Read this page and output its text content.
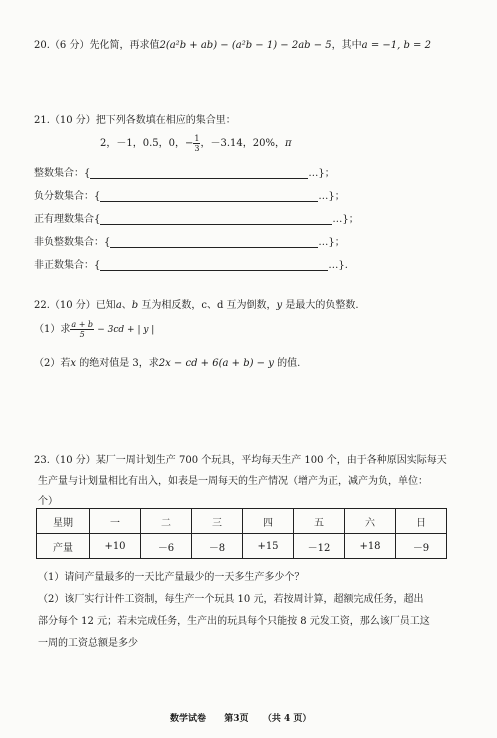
20.（6 分）先化简，再求值2(a²b + ab) − (a²b − 1) − 2ab − 5，其中a = −1, b = 2
21.（10 分）把下列各数填在相应的集合里：
2，－1，0.5，0，− $\frac{1}{3}$ ，－3.14，20%，π
整数集合：{	…}；
负分数集合：{	…}；
正有理数集合{	…}；
非负整数集合：{	…}；
非正数集合：{	…}.
22.（10 分）已知a、b 互为相反数，c、d 互为倒数，y 是最大的负整数.
（1）求 $\frac{a + b}{5} - 3cd$ + | y |
（2）若x 的绝对值是 3，求2x − cd + 6(a + b) − y 的值.
23.（10 分）某厂一周计划生产 700 个玩具，平均每天生产 100 个，由于各种原因实际每天
生产量与计划量相比有出入，如表是一周每天的生产情况（增产为正，减产为负，单位：
个）
星期	一	二	三	四	五	六	日
产量	+10	－6	－8	+15	－12	+18	－9
（1）请问产量最多的一天比产量最少的一天多生产多少个？
（2）该厂实行计件工资制，每生产一个玩具 10 元，若按周计算，超额完成任务，超出
部分每个 12 元；若未完成任务，生产出的玩具每个只能按 8 元发工资，那么该厂员工这
一周的工资总额是多少
数学试卷 第3页 （共 4 页）
